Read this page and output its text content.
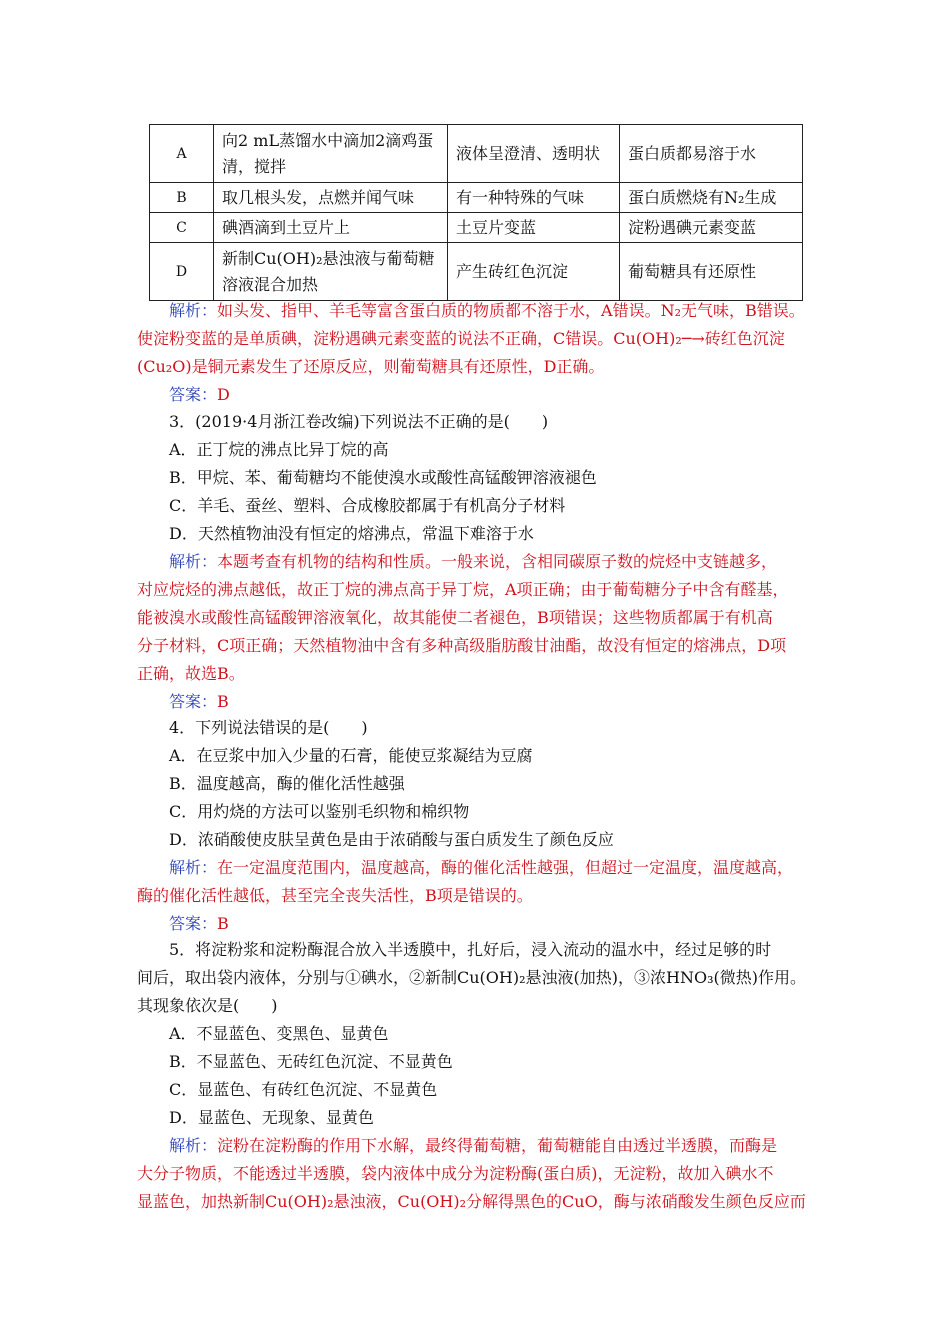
A	向2 mL蒸馏水中滴加2滴鸡蛋清，搅拌	液体呈澄清、透明状	蛋白质都易溶于水
B	取几根头发，点燃并闻气味	有一种特殊的气味	蛋白质燃烧有N₂生成
C	碘酒滴到土豆片上	土豆片变蓝	淀粉遇碘元素变蓝
D	新制Cu(OH)₂悬浊液与葡萄糖溶液混合加热	产生砖红色沉淀	葡萄糖具有还原性
解析：如头发、指甲、羊毛等富含蛋白质的物质都不溶于水，A错误。N₂无气味，B错误。
使淀粉变蓝的是单质碘，淀粉遇碘元素变蓝的说法不正确，C错误。Cu(OH)₂─→砖红色沉淀
(Cu₂O)是铜元素发生了还原反应，则葡萄糖具有还原性，D正确。
答案：D
3．(2019·4月浙江卷改编)下列说法不正确的是(　　)
A．正丁烷的沸点比异丁烷的高
B．甲烷、苯、葡萄糖均不能使溴水或酸性高锰酸钾溶液褪色
C．羊毛、蚕丝、塑料、合成橡胶都属于有机高分子材料
D．天然植物油没有恒定的熔沸点，常温下难溶于水
解析：本题考查有机物的结构和性质。一般来说，含相同碳原子数的烷烃中支链越多，
对应烷烃的沸点越低，故正丁烷的沸点高于异丁烷，A项正确；由于葡萄糖分子中含有醛基，
能被溴水或酸性高锰酸钾溶液氧化，故其能使二者褪色，B项错误；这些物质都属于有机高
分子材料，C项正确；天然植物油中含有多种高级脂肪酸甘油酯，故没有恒定的熔沸点，D项
正确，故选B。
答案：B
4．下列说法错误的是(　　)
A．在豆浆中加入少量的石膏，能使豆浆凝结为豆腐
B．温度越高，酶的催化活性越强
C．用灼烧的方法可以鉴别毛织物和棉织物
D．浓硝酸使皮肤呈黄色是由于浓硝酸与蛋白质发生了颜色反应
解析：在一定温度范围内，温度越高，酶的催化活性越强，但超过一定温度，温度越高，
酶的催化活性越低，甚至完全丧失活性，B项是错误的。
答案：B
5．将淀粉浆和淀粉酶混合放入半透膜中，扎好后，浸入流动的温水中，经过足够的时
间后，取出袋内液体，分别与①碘水，②新制Cu(OH)₂悬浊液(加热)，③浓HNO₃(微热)作用。
其现象依次是(　　)
A．不显蓝色、变黑色、显黄色
B．不显蓝色、无砖红色沉淀、不显黄色
C．显蓝色、有砖红色沉淀、不显黄色
D．显蓝色、无现象、显黄色
解析：淀粉在淀粉酶的作用下水解，最终得葡萄糖，葡萄糖能自由透过半透膜，而酶是
大分子物质，不能透过半透膜，袋内液体中成分为淀粉酶(蛋白质)，无淀粉，故加入碘水不
显蓝色，加热新制Cu(OH)₂悬浊液，Cu(OH)₂分解得黑色的CuO，酶与浓硝酸发生颜色反应而
